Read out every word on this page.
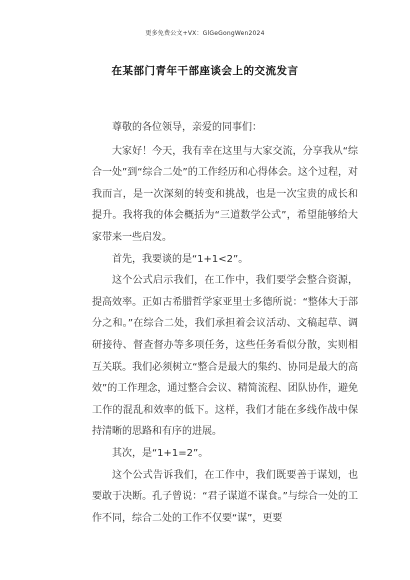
更多免费公文+VX：GlGeGongWen2024
在某部门青年干部座谈会上的交流发言

尊敬的各位领导，亲爱的同事们：

大家好！今天，我有幸在这里与大家交流，分享我从“综合一处”到“综合二处”的工作经历和心得体会。这个过程，对我而言，是一次深刻的转变和挑战，也是一次宝贵的成长和提升。我将我的体会概括为“三道数学公式”，希望能够给大家带来一些启发。

首先，我要谈的是“1+1<2”。

这个公式启示我们，在工作中，我们要学会整合资源，提高效率。正如古希腊哲学家亚里士多德所说：“整体大于部分之和。”在综合二处，我们承担着会议活动、文稿起草、调研接待、督查督办等多项任务，这些任务看似分散，实则相互关联。我们必须树立“整合是最大的集约、协同是最大的高效”的工作理念，通过整合会议、精简流程、团队协作，避免工作的混乱和效率的低下。这样，我们才能在多线作战中保持清晰的思路和有序的进展。

其次，是“1+1=2”。

这个公式告诉我们，在工作中，我们既要善于谋划，也要敢于决断。孔子曾说：“君子谋道不谋食。”与综合一处的工作不同，综合二处的工作不仅要“谋”，更要
